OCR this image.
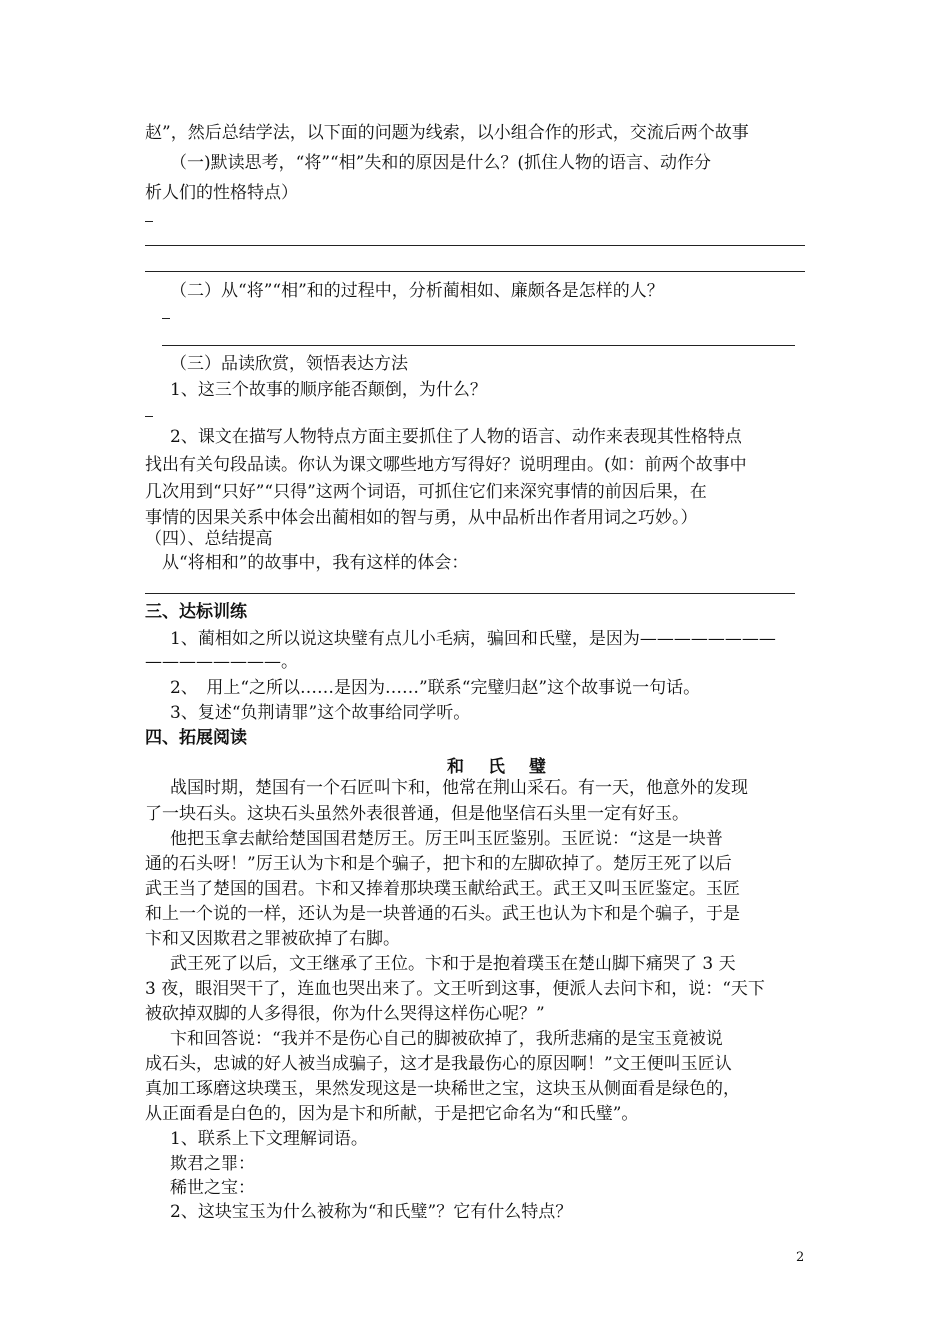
赵”，然后总结学法，以下面的问题为线索，以小组合作的形式，交流后两个故事

（一)默读思考，“将”“相”失和的原因是什么？(抓住人物的语言、动作分

析人们的性格特点）

（二）从“将”“相”和的过程中，分析蔺相如、廉颇各是怎样的人？

（三）品读欣赏，领悟表达方法

1、这三个故事的顺序能否颠倒，为什么？

2、课文在描写人物特点方面主要抓住了人物的语言、动作来表现其性格特点

找出有关句段品读。你认为课文哪些地方写得好？说明理由。(如：前两个故事中

几次用到“只好”“只得”这两个词语，可抓住它们来深究事情的前因后果，在

事情的因果关系中体会出蔺相如的智与勇，从中品析出作者用词之巧妙。）

（四）、总结提高

从“将相和”的故事中，我有这样的体会：

三、达标训练

1、蔺相如之所以说这块璧有点儿小毛病，骗回和氏璧，是因为————————

————————。

2、　用上“之所以……是因为……”联系“完璧归赵”这个故事说一句话。

3、复述“负荆请罪”这个故事给同学听。

四、拓展阅读

和氏璧

战国时期，楚国有一个石匠叫卞和，他常在荆山采石。有一天，他意外的发现

了一块石头。这块石头虽然外表很普通，但是他坚信石头里一定有好玉。

他把玉拿去献给楚国国君楚厉王。厉王叫玉匠鉴别。玉匠说：“这是一块普

通的石头呀！”厉王认为卞和是个骗子，把卞和的左脚砍掉了。楚厉王死了以后

武王当了楚国的国君。卞和又捧着那块璞玉献给武王。武王又叫玉匠鉴定。玉匠

和上一个说的一样，还认为是一块普通的石头。武王也认为卞和是个骗子，于是

卞和又因欺君之罪被砍掉了右脚。

武王死了以后，文王继承了王位。卞和于是抱着璞玉在楚山脚下痛哭了 3 天

3 夜，眼泪哭干了，连血也哭出来了。文王听到这事，便派人去问卞和，说：“天下

被砍掉双脚的人多得很，你为什么哭得这样伤心呢？”

卞和回答说：“我并不是伤心自己的脚被砍掉了，我所悲痛的是宝玉竟被说

成石头，忠诚的好人被当成骗子，这才是我最伤心的原因啊！”文王便叫玉匠认

真加工琢磨这块璞玉，果然发现这是一块稀世之宝，这块玉从侧面看是绿色的，

从正面看是白色的，因为是卞和所献，于是把它命名为“和氏璧”。

1、联系上下文理解词语。

欺君之罪：

稀世之宝：

2、这块宝玉为什么被称为“和氏璧”？它有什么特点？

2
